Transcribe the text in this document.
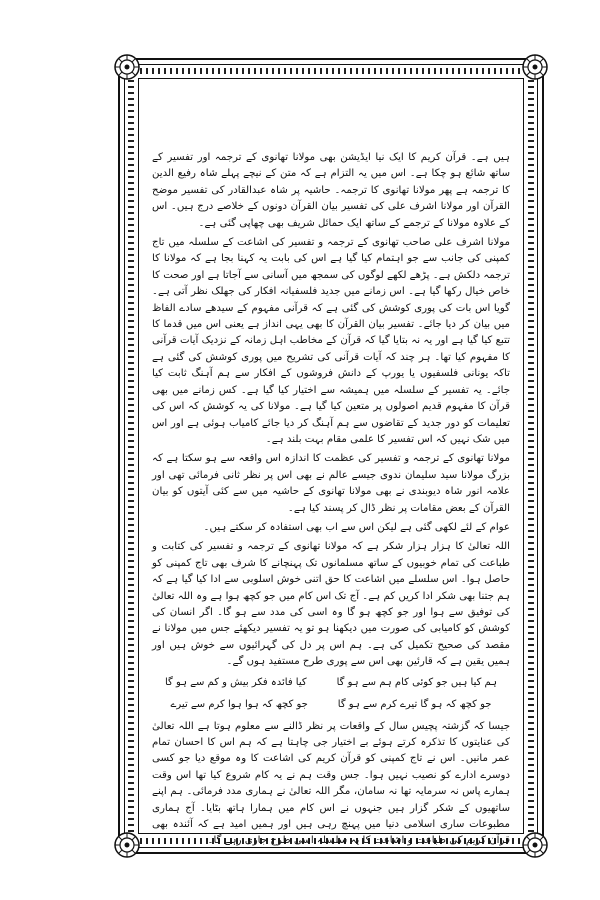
ہیں ہے۔ قرآن کریم کا ایک نیا ایڈیشن بھی مولانا تھانوی کے ترجمہ اور تفسیر کے ساتھ شائع ہو چکا ہے۔ اس میں یہ التزام ہے کہ متن کے نیچے پہلے شاہ رفیع الدین کا ترجمہ ہے پھر مولانا تھانوی کا ترجمہ۔ حاشیہ پر شاہ عبدالقادر کی تفسیر موضح القرآن اور مولانا اشرف علی کی تفسیر بیان القرآن دونوں کے خلاصے درج ہیں۔ اس کے علاوہ مولانا کے ترجمے کے ساتھ ایک حمائل شریف بھی چھاپی گئی ہے۔

مولانا اشرف علی صاحب تھانوی کے ترجمہ و تفسیر کی اشاعت کے سلسلہ میں تاج کمپنی کی جانب سے جو اہتمام کیا گیا ہے اس کی بابت یہ کہنا بجا ہے کہ مولانا کا ترجمہ دلکش ہے۔ پڑھے لکھے لوگوں کی سمجھ میں آسانی سے آجاتا ہے اور صحت کا خاص خیال رکھا گیا ہے۔ اس زمانے میں جدید فلسفیانہ افکار کی جھلک نظر آتی ہے۔ گویا اس بات کی پوری کوشش کی گئی ہے کہ قرآنی مفہوم کے سیدھے سادے الفاظ میں بیان کر دیا جائے۔ تفسیر بیان القرآن کا بھی یہی انداز ہے یعنی اس میں قدما کا تتبع کیا گیا ہے اور یہ نہ بتایا گیا کہ قرآن کے مخاطب اہل زمانہ کے نزدیک آیات قرآنی کا مفہوم کیا تھا۔ ہر چند کہ آیات قرآنی کی تشریح میں پوری کوشش کی گئی ہے تاکہ یونانی فلسفیوں یا یورپ کے دانش فروشوں کے افکار سے ہم آہنگ ثابت کیا جائے۔ یہ تفسیر کے سلسلہ میں ہمیشہ سے اختیار کیا گیا ہے۔ کس زمانے میں بھی قرآن کا مفہوم قدیم اصولوں پر متعین کیا گیا ہے۔ مولانا کی یہ کوشش کہ اس کی تعلیمات کو دور جدید کے تقاضوں سے ہم آہنگ کر دیا جائے کامیاب ہوئی ہے اور اس میں شک نہیں کہ اس تفسیر کا علمی مقام بہت بلند ہے۔

مولانا تھانوی کے ترجمہ و تفسیر کی عظمت کا اندازہ اس واقعہ سے ہو سکتا ہے کہ بزرگ مولانا سید سلیمان ندوی جیسے عالم نے بھی اس پر نظر ثانی فرمائی تھی اور علامہ انور شاہ دیوبندی نے بھی مولانا تھانوی کے حاشیہ میں سے کئی آیتوں کو بیان القرآن کے بعض مقامات پر نظر ڈال کر پسند کیا ہے۔

عوام کے لئے لکھی گئی ہے لیکن اس سے اب بھی استفادہ کر سکتے ہیں۔

اللہ تعالیٰ کا ہزار ہزار شکر ہے کہ مولانا تھانوی کے ترجمہ و تفسیر کی کتابت و طباعت کی تمام خوبیوں کے ساتھ مسلمانوں تک پہنچانے کا شرف بھی تاج کمپنی کو حاصل ہوا۔ اس سلسلے میں اشاعت کا حق اتنی خوش اسلوبی سے ادا کیا گیا ہے کہ ہم جتنا بھی شکر ادا کریں کم ہے۔ آج تک اس کام میں جو کچھ ہوا ہے وہ اللہ تعالیٰ کی توفیق سے ہوا اور جو کچھ ہو گا وہ اسی کی مدد سے ہو گا۔ اگر انسان کی کوشش کو کامیابی کی صورت میں دیکھنا ہو تو یہ تفسیر دیکھئے جس میں مولانا نے مقصد کی صحیح تکمیل کی ہے۔ ہم اس پر دل کی گہرائیوں سے خوش ہیں اور ہمیں یقین ہے کہ قارئین بھی اس سے پوری طرح مستفید ہوں گے۔

کیا فائدہ فکر بیش و کم سے ہو گا	ہم کیا ہیں جو کوئی کام ہم سے ہو گا
جو کچھ کہ ہوا ہوا کرم سے تیرے	جو کچھ کہ ہو گا تیرے کرم سے ہو گا

جیسا کہ گزشتہ پچیس سال کے واقعات پر نظر ڈالنے سے معلوم ہوتا ہے اللہ تعالیٰ کی عنایتوں کا تذکرہ کرتے ہوئے بے اختیار جی چاہتا ہے کہ ہم اس کا احسان تمام عمر مانیں۔ اس نے تاج کمپنی کو قرآن کریم کی اشاعت کا وہ موقع دیا جو کسی دوسرے ادارے کو نصیب نہیں ہوا۔ جس وقت ہم نے یہ کام شروع کیا تھا اس وقت ہمارے پاس نہ سرمایہ تھا نہ سامان، مگر اللہ تعالیٰ نے ہماری مدد فرمائی۔ ہم اپنے ساتھیوں کے شکر گزار ہیں جنہوں نے اس کام میں ہمارا ہاتھ بٹایا۔ آج ہماری مطبوعات ساری اسلامی دنیا میں پہنچ رہی ہیں اور ہمیں امید ہے کہ آئندہ بھی قرآن کریم کی طباعت و اشاعت کا یہ سلسلہ اسی طرح جاری رہے گا۔
